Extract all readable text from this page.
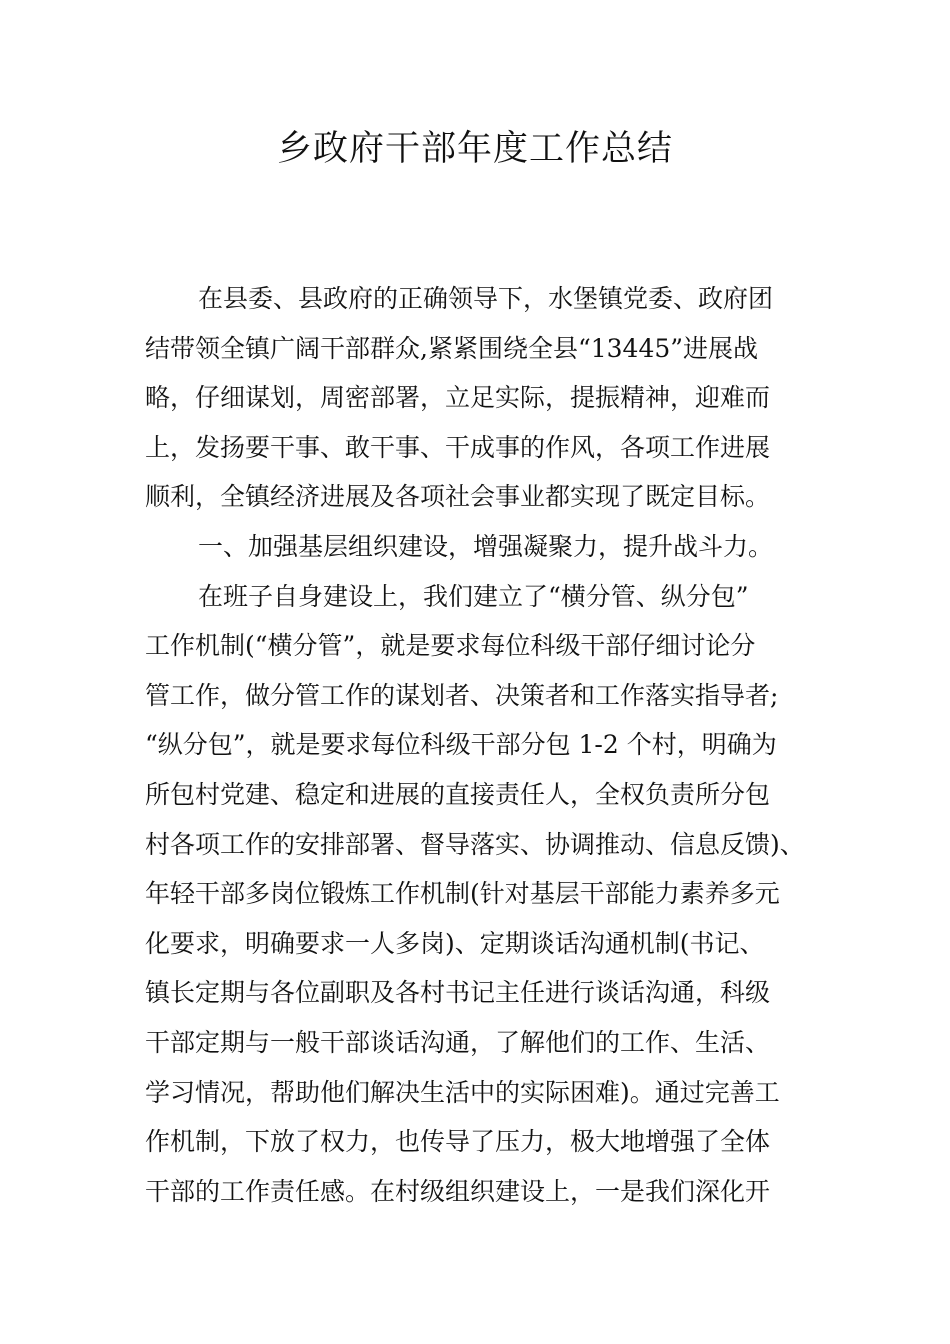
乡政府干部年度工作总结
在县委、县政府的正确领导下，水堡镇党委、政府团
结带领全镇广阔干部群众,紧紧围绕全县“13445”进展战
略，仔细谋划，周密部署，立足实际，提振精神，迎难而
上，发扬要干事、敢干事、干成事的作风，各项工作进展
顺利，全镇经济进展及各项社会事业都实现了既定目标。
一、加强基层组织建设，增强凝聚力，提升战斗力。
在班子自身建设上，我们建立了“横分管、纵分包”
工作机制(“横分管”，就是要求每位科级干部仔细讨论分
管工作，做分管工作的谋划者、决策者和工作落实指导者;
“纵分包”，就是要求每位科级干部分包 1-2 个村，明确为
所包村党建、稳定和进展的直接责任人，全权负责所分包
村各项工作的安排部署、督导落实、协调推动、信息反馈)、
年轻干部多岗位锻炼工作机制(针对基层干部能力素养多元
化要求，明确要求一人多岗)、定期谈话沟通机制(书记、
镇长定期与各位副职及各村书记主任进行谈话沟通，科级
干部定期与一般干部谈话沟通，了解他们的工作、生活、
学习情况，帮助他们解决生活中的实际困难)。通过完善工
作机制，下放了权力，也传导了压力，极大地增强了全体
干部的工作责任感。在村级组织建设上，一是我们深化开
